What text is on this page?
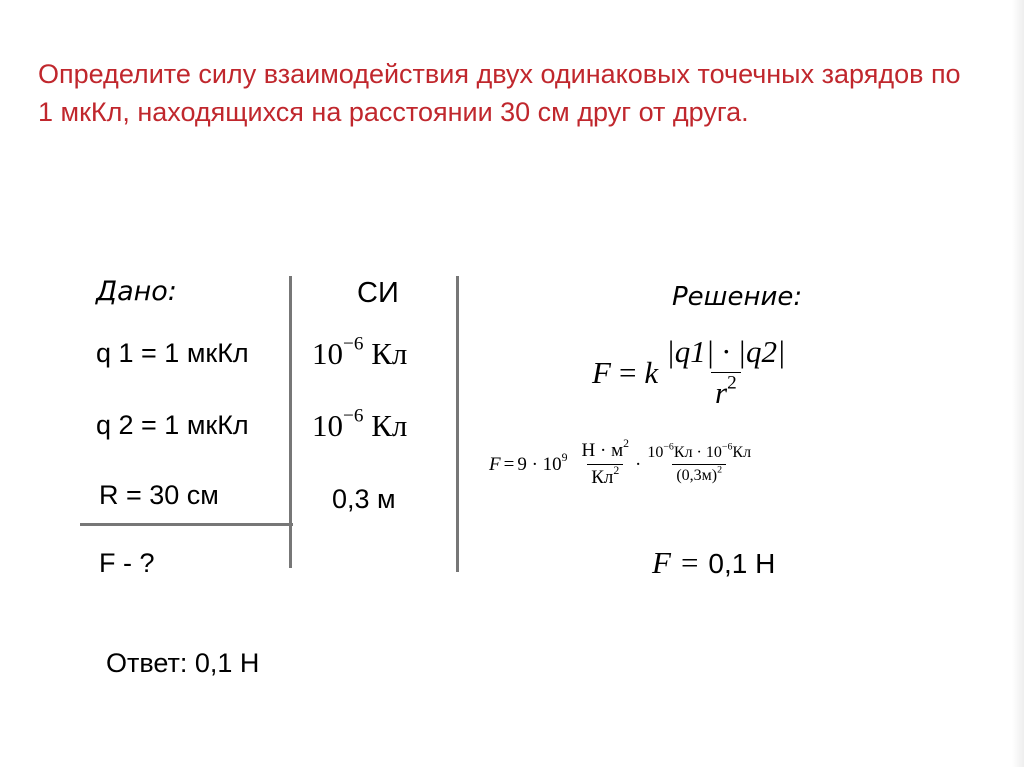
Определите силу взаимодействия двух одинаковых точечных зарядов по 1 мкКл, находящихся на расстоянии 30 см друг от друга.

Дано:
q 1 = 1 мкКл
q 2 = 1 мкКл
R = 30 см
F - ?
СИ
$10^{-6}$ Кл
$10^{-6}$ Кл
0,3 м
Решение:
F = k $\frac{|q1| \cdot |q2|}{r^2}$
$F = 9 \cdot 10^9 \frac{Н \cdot м^2}{Кл^2} \cdot \frac{10^{-6}Кл \cdot 10^{-6}Кл}{(0,3м)^2}$
F = 0,1 Н
Ответ: 0,1 Н
